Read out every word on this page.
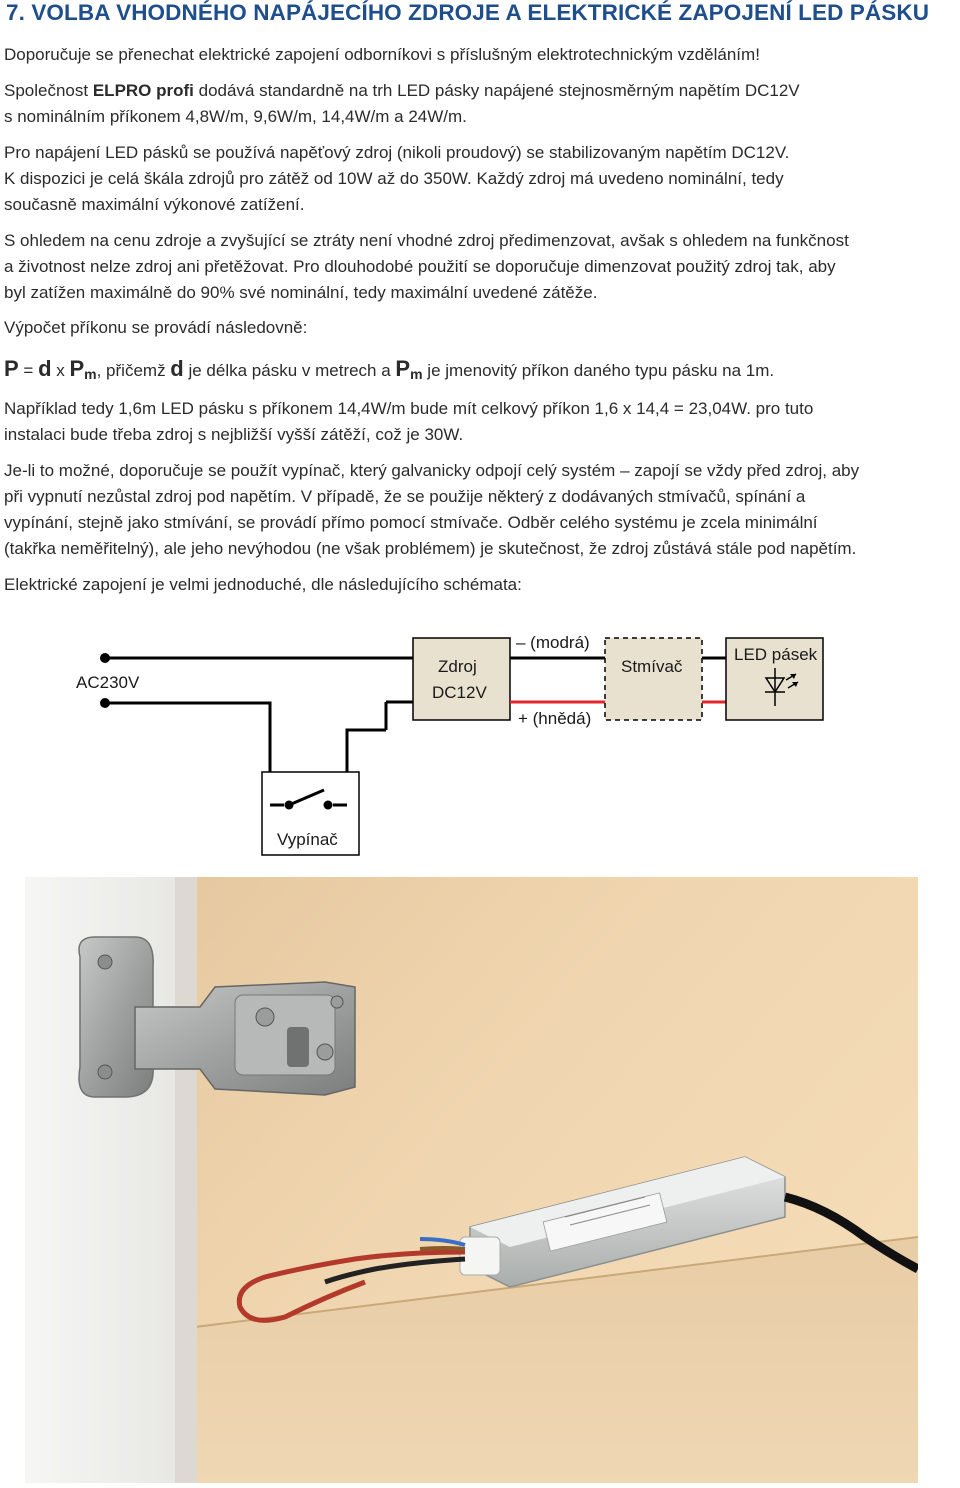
7. VOLBA VHODNÉHO NAPÁJECÍHO ZDROJE A ELEKTRICKÉ ZAPOJENÍ LED PÁSKU

Doporučuje se přenechat elektrické zapojení odborníkovi s příslušným elektrotechnickým vzděláním!

Společnost ELPRO profi dodává standardně na trh LED pásky napájené stejnosměrným napětím DC12V
s nominálním příkonem 4,8W/m, 9,6W/m, 14,4W/m a 24W/m.

Pro napájení LED pásků se používá napěťový zdroj (nikoli proudový) se stabilizovaným napětím DC12V.
K dispozici je celá škála zdrojů pro zátěž od 10W až do 350W. Každý zdroj má uvedeno nominální, tedy
současně maximální výkonové zatížení.

S ohledem na cenu zdroje a zvyšující se ztráty není vhodné zdroj předimenzovat, avšak s ohledem na funkčnost
a životnost nelze zdroj ani přetěžovat. Pro dlouhodobé použití se doporučuje dimenzovat použitý zdroj tak, aby
byl zatížen maximálně do 90% své nominální, tedy maximální uvedené zátěže.

Výpočet příkonu se provádí následovně:

P = d x $P_m$, přičemž d je délka pásku v metrech a $P_m$ je jmenovitý příkon daného typu pásku na 1m.

Například tedy 1,6m LED pásku s příkonem 14,4W/m bude mít celkový příkon 1,6 x 14,4 = 23,04W. pro tuto
instalaci bude třeba zdroj s nejbližší vyšší zátěží, což je 30W.

Je-li to možné, doporučuje se použít vypínač, který galvanicky odpojí celý systém – zapojí se vždy před zdroj, aby
při vypnutí nezůstal zdroj pod napětím. V případě, že se použije některý z dodávaných stmívačů, spínání a
vypínání, stejně jako stmívání, se provádí přímo pomocí stmívače. Odběr celého systému je zcela minimální
(takřka neměřitelný), ale jeho nevýhodou (ne však problémem) je skutečnost, že zdroj zůstává stále pod napětím.

Elektrické zapojení je velmi jednoduché, dle následujícího schémata:

AC230V
Vypínač
Zdroj
DC12V
– (modrá)
+ (hnědá)
Stmívač
LED pásek
